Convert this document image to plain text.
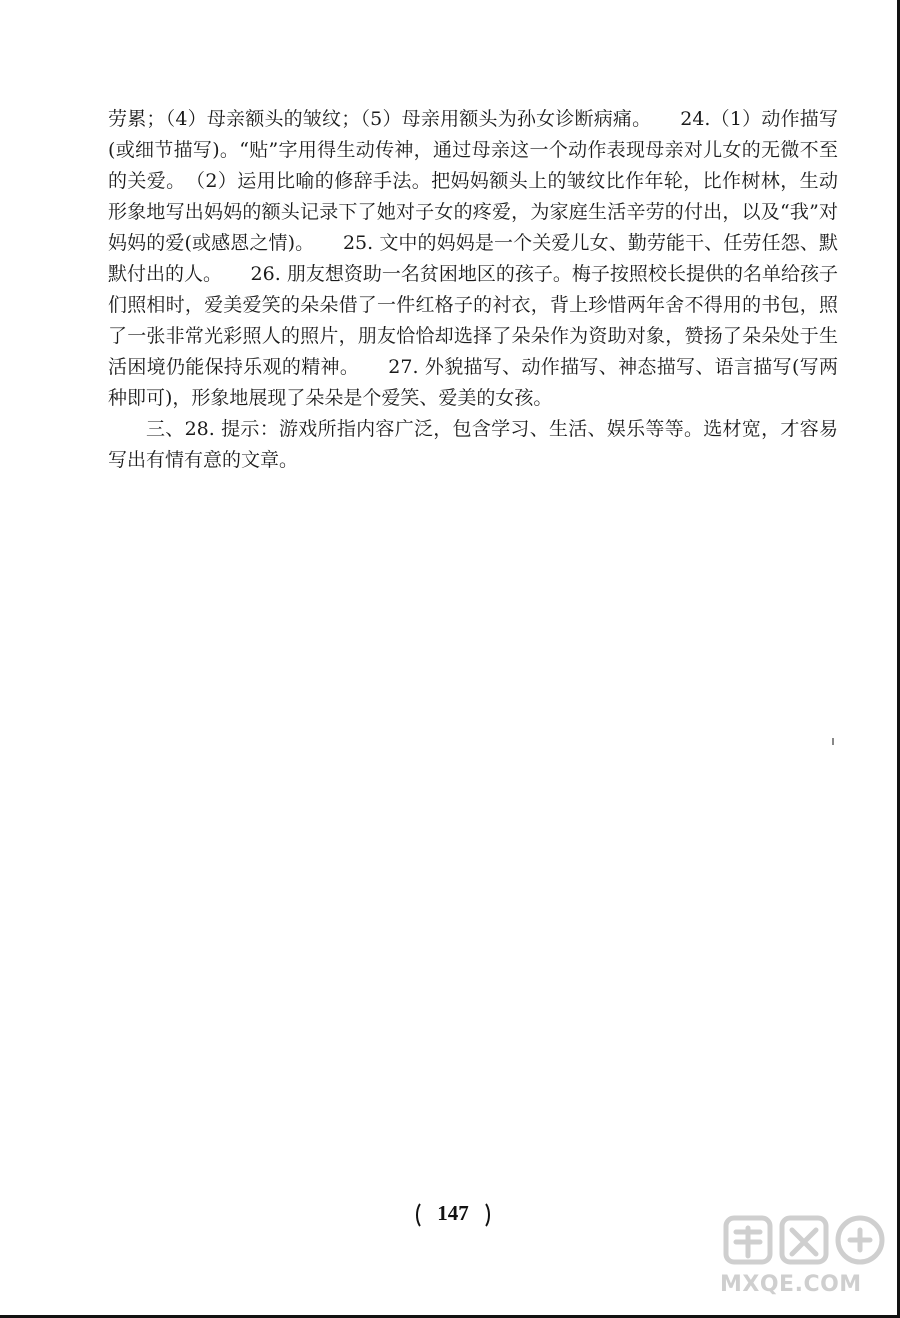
劳累；（4）母亲额头的皱纹；（5）母亲用额头为孙女诊断病痛。　　24.（1）动作描写(或细节描写)。“贴”字用得生动传神，通过母亲这一个动作表现母亲对儿女的无微不至的关爱。　（2）运用比喻的修辞手法。把妈妈额头上的皱纹比作年轮，比作树林，生动形象地写出妈妈的额头记录下了她对子女的疼爱，为家庭生活辛劳的付出，以及“我”对妈妈的爱(或感恩之情)。　　25. 文中的妈妈是一个关爱儿女、勤劳能干、任劳任怨、默默付出的人。　　26. 朋友想资助一名贫困地区的孩子。梅子按照校长提供的名单给孩子们照相时，爱美爱笑的朵朵借了一件红格子的衬衣，背上珍惜两年舍不得用的书包，照了一张非常光彩照人的照片，朋友恰恰却选择了朵朵作为资助对象，赞扬了朵朵处于生活困境仍能保持乐观的精神。　　27. 外貌描写、动作描写、神态描写、语言描写(写两种即可)，形象地展现了朵朵是个爱笑、爱美的女孩。

三、28. 提示：游戏所指内容广泛，包含学习、生活、娱乐等等。选材宽，才容易写出有情有意的文章。

147
MXQE.COM
